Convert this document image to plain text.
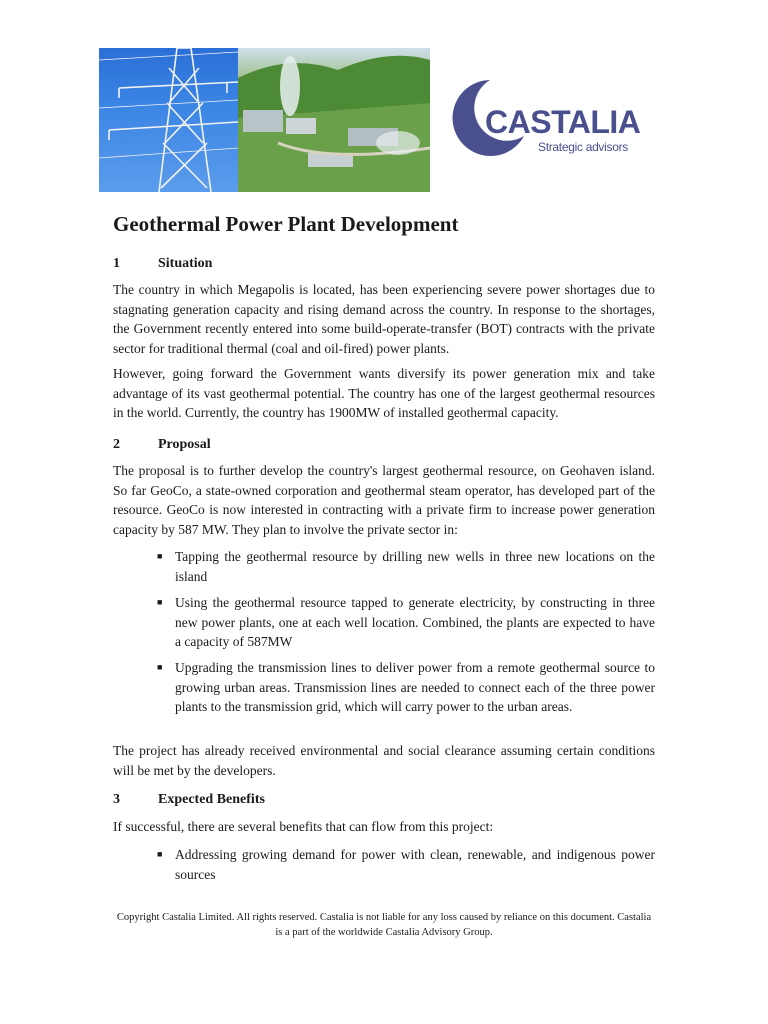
CASTALIA
Strategic advisors
Geothermal Power Plant Development
1	Situation

The country in which Megapolis is located, has been experiencing severe power shortages due to stagnating generation capacity and rising demand across the country. In response to the shortages, the Government recently entered into some build-operate-transfer (BOT) contracts with the private sector for traditional thermal (coal and oil-fired) power plants.

However, going forward the Government wants diversify its power generation mix and take advantage of its vast geothermal potential. The country has one of the largest geothermal resources in the world. Currently, the country has 1900MW of installed geothermal capacity.

2	Proposal

The proposal is to further develop the country's largest geothermal resource, on Geohaven island. So far GeoCo, a state-owned corporation and geothermal steam operator, has developed part of the resource. GeoCo is now interested in contracting with a private firm to increase power generation capacity by 587 MW. They plan to involve the private sector in:

■ Tapping the geothermal resource by drilling new wells in three new locations on the island
■ Using the geothermal resource tapped to generate electricity, by constructing in three new power plants, one at each well location. Combined, the plants are expected to have a capacity of 587MW
■ Upgrading the transmission lines to deliver power from a remote geothermal source to growing urban areas. Transmission lines are needed to connect each of the three power plants to the transmission grid, which will carry power to the urban areas.

The project has already received environmental and social clearance assuming certain conditions will be met by the developers.

3	Expected Benefits

If successful, there are several benefits that can flow from this project:

■ Addressing growing demand for power with clean, renewable, and indigenous power sources
Copyright Castalia Limited. All rights reserved. Castalia is not liable for any loss caused by reliance on this document. Castalia is a part of the worldwide Castalia Advisory Group.
